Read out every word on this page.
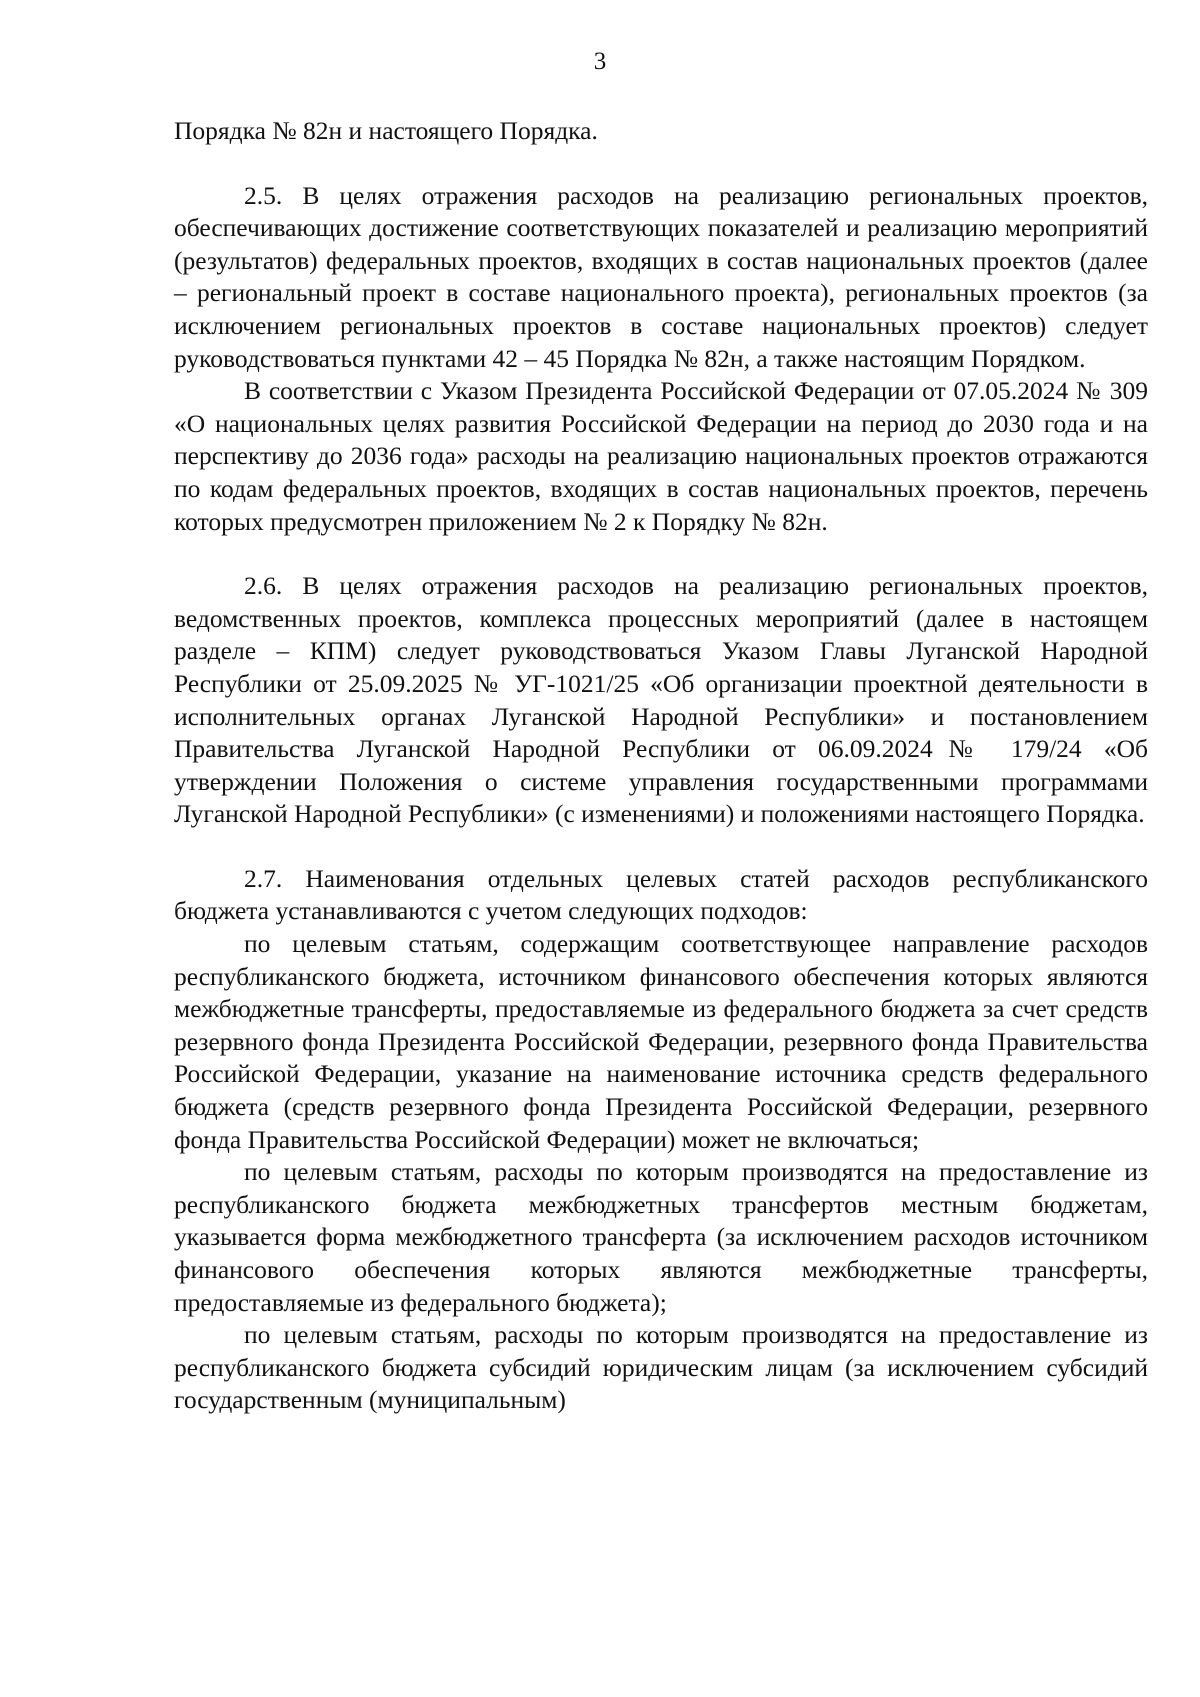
3

Порядка № 82н и настоящего Порядка.

2.5. В целях отражения расходов на реализацию региональных проектов, обеспечивающих достижение соответствующих показателей и реализацию мероприятий (результатов) федеральных проектов, входящих в состав национальных проектов (далее – региональный проект в составе национального проекта), региональных проектов (за исключением региональных проектов в составе национальных проектов) следует руководствоваться пунктами 42 – 45 Порядка № 82н, а также настоящим Порядком.

В соответствии с Указом Президента Российской Федерации от 07.05.2024 № 309 «О национальных целях развития Российской Федерации на период до 2030 года и на перспективу до 2036 года» расходы на реализацию национальных проектов отражаются по кодам федеральных проектов, входящих в состав национальных проектов, перечень которых предусмотрен приложением № 2 к Порядку № 82н.

2.6. В целях отражения расходов на реализацию региональных проектов, ведомственных проектов, комплекса процессных мероприятий (далее в настоящем разделе – КПМ) следует руководствоваться Указом Главы Луганской Народной Республики от 25.09.2025 № УГ-1021/25 «Об организации проектной деятельности в исполнительных органах Луганской Народной Республики» и постановлением Правительства Луганской Народной Республики от 06.09.2024№ 179/24 «Об утверждении Положения о системе управления государственными программами Луганской Народной Республики» (с изменениями) и положениями настоящего Порядка.

2.7. Наименования отдельных целевых статей расходов республиканского бюджета устанавливаются с учетом следующих подходов:

по целевым статьям, содержащим соответствующее направление расходов республиканского бюджета, источником финансового обеспечения которых являются межбюджетные трансферты, предоставляемые из федерального бюджета за счет средств резервного фонда Президента Российской Федерации, резервного фонда Правительства Российской Федерации, указание на наименование источника средств федерального бюджета (средств резервного фонда Президента Российской Федерации, резервного фонда Правительства Российской Федерации) может не включаться;

по целевым статьям, расходы по которым производятся на предоставление из республиканского бюджета межбюджетных трансфертов местным бюджетам, указывается форма межбюджетного трансферта (за исключением расходов источником финансового обеспечения которых являются межбюджетные трансферты, предоставляемые из федерального бюджета);

по целевым статьям, расходы по которым производятся на предоставление из республиканского бюджета субсидий юридическим лицам (за исключением субсидий государственным (муниципальным)
